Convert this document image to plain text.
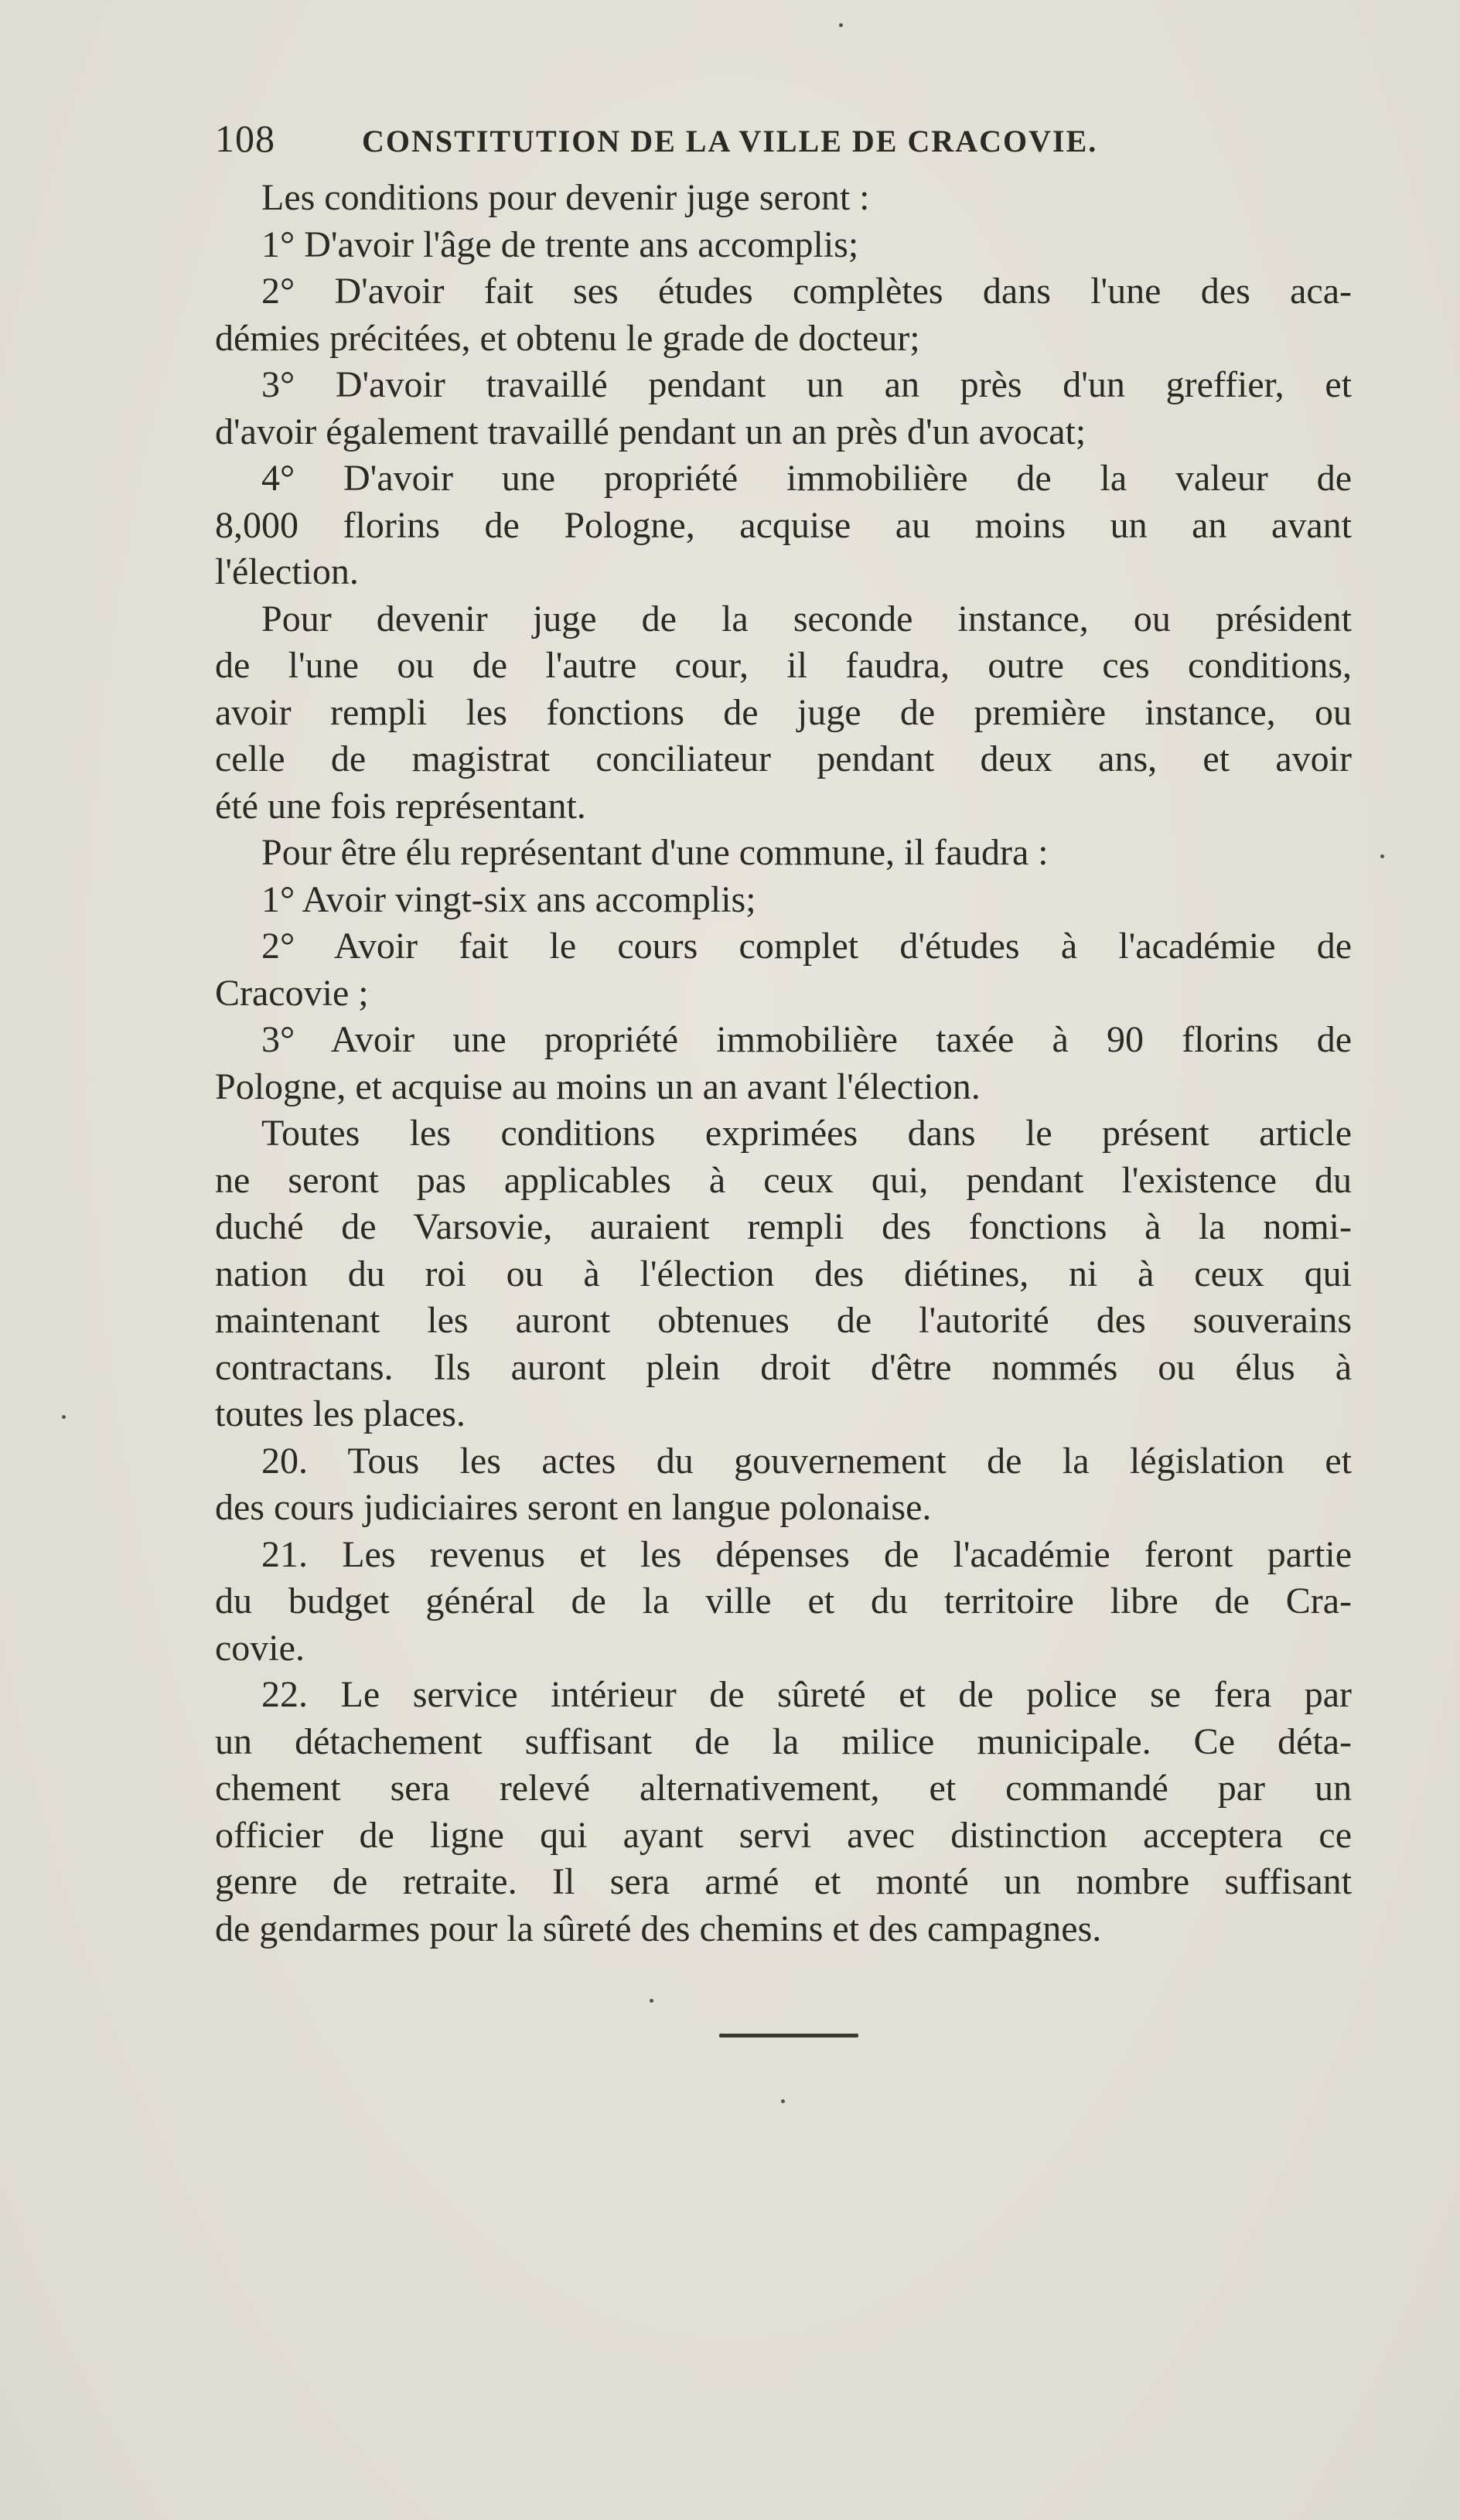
108	CONSTITUTION DE LA VILLE DE CRACOVIE.
Les conditions pour devenir juge seront :
1° D'avoir l'âge de trente ans accomplis;
2° D'avoir fait ses études complètes dans l'une des aca-
démies précitées, et obtenu le grade de docteur;
3° D'avoir travaillé pendant un an près d'un greffier, et
d'avoir également travaillé pendant un an près d'un avocat;
4° D'avoir une propriété immobilière de la valeur de
8,000 florins de Pologne, acquise au moins un an avant
l'élection.
Pour devenir juge de la seconde instance, ou président
de l'une ou de l'autre cour, il faudra, outre ces conditions,
avoir rempli les fonctions de juge de première instance, ou
celle de magistrat conciliateur pendant deux ans, et avoir
été une fois représentant.
Pour être élu représentant d'une commune, il faudra :
1° Avoir vingt-six ans accomplis;
2° Avoir fait le cours complet d'études à l'académie de
Cracovie ;
3° Avoir une propriété immobilière taxée à 90 florins de
Pologne, et acquise au moins un an avant l'élection.
Toutes les conditions exprimées dans le présent article
ne seront pas applicables à ceux qui, pendant l'existence du
duché de Varsovie, auraient rempli des fonctions à la nomi-
nation du roi ou à l'élection des diétines, ni à ceux qui
maintenant les auront obtenues de l'autorité des souverains
contractans. Ils auront plein droit d'être nommés ou élus à
toutes les places.
20. Tous les actes du gouvernement de la législation et
des cours judiciaires seront en langue polonaise.
21. Les revenus et les dépenses de l'académie feront partie
du budget général de la ville et du territoire libre de Cra-
covie.
22. Le service intérieur de sûreté et de police se fera par
un détachement suffisant de la milice municipale. Ce déta-
chement sera relevé alternativement, et commandé par un
officier de ligne qui ayant servi avec distinction acceptera ce
genre de retraite. Il sera armé et monté un nombre suffisant
de gendarmes pour la sûreté des chemins et des campagnes.
